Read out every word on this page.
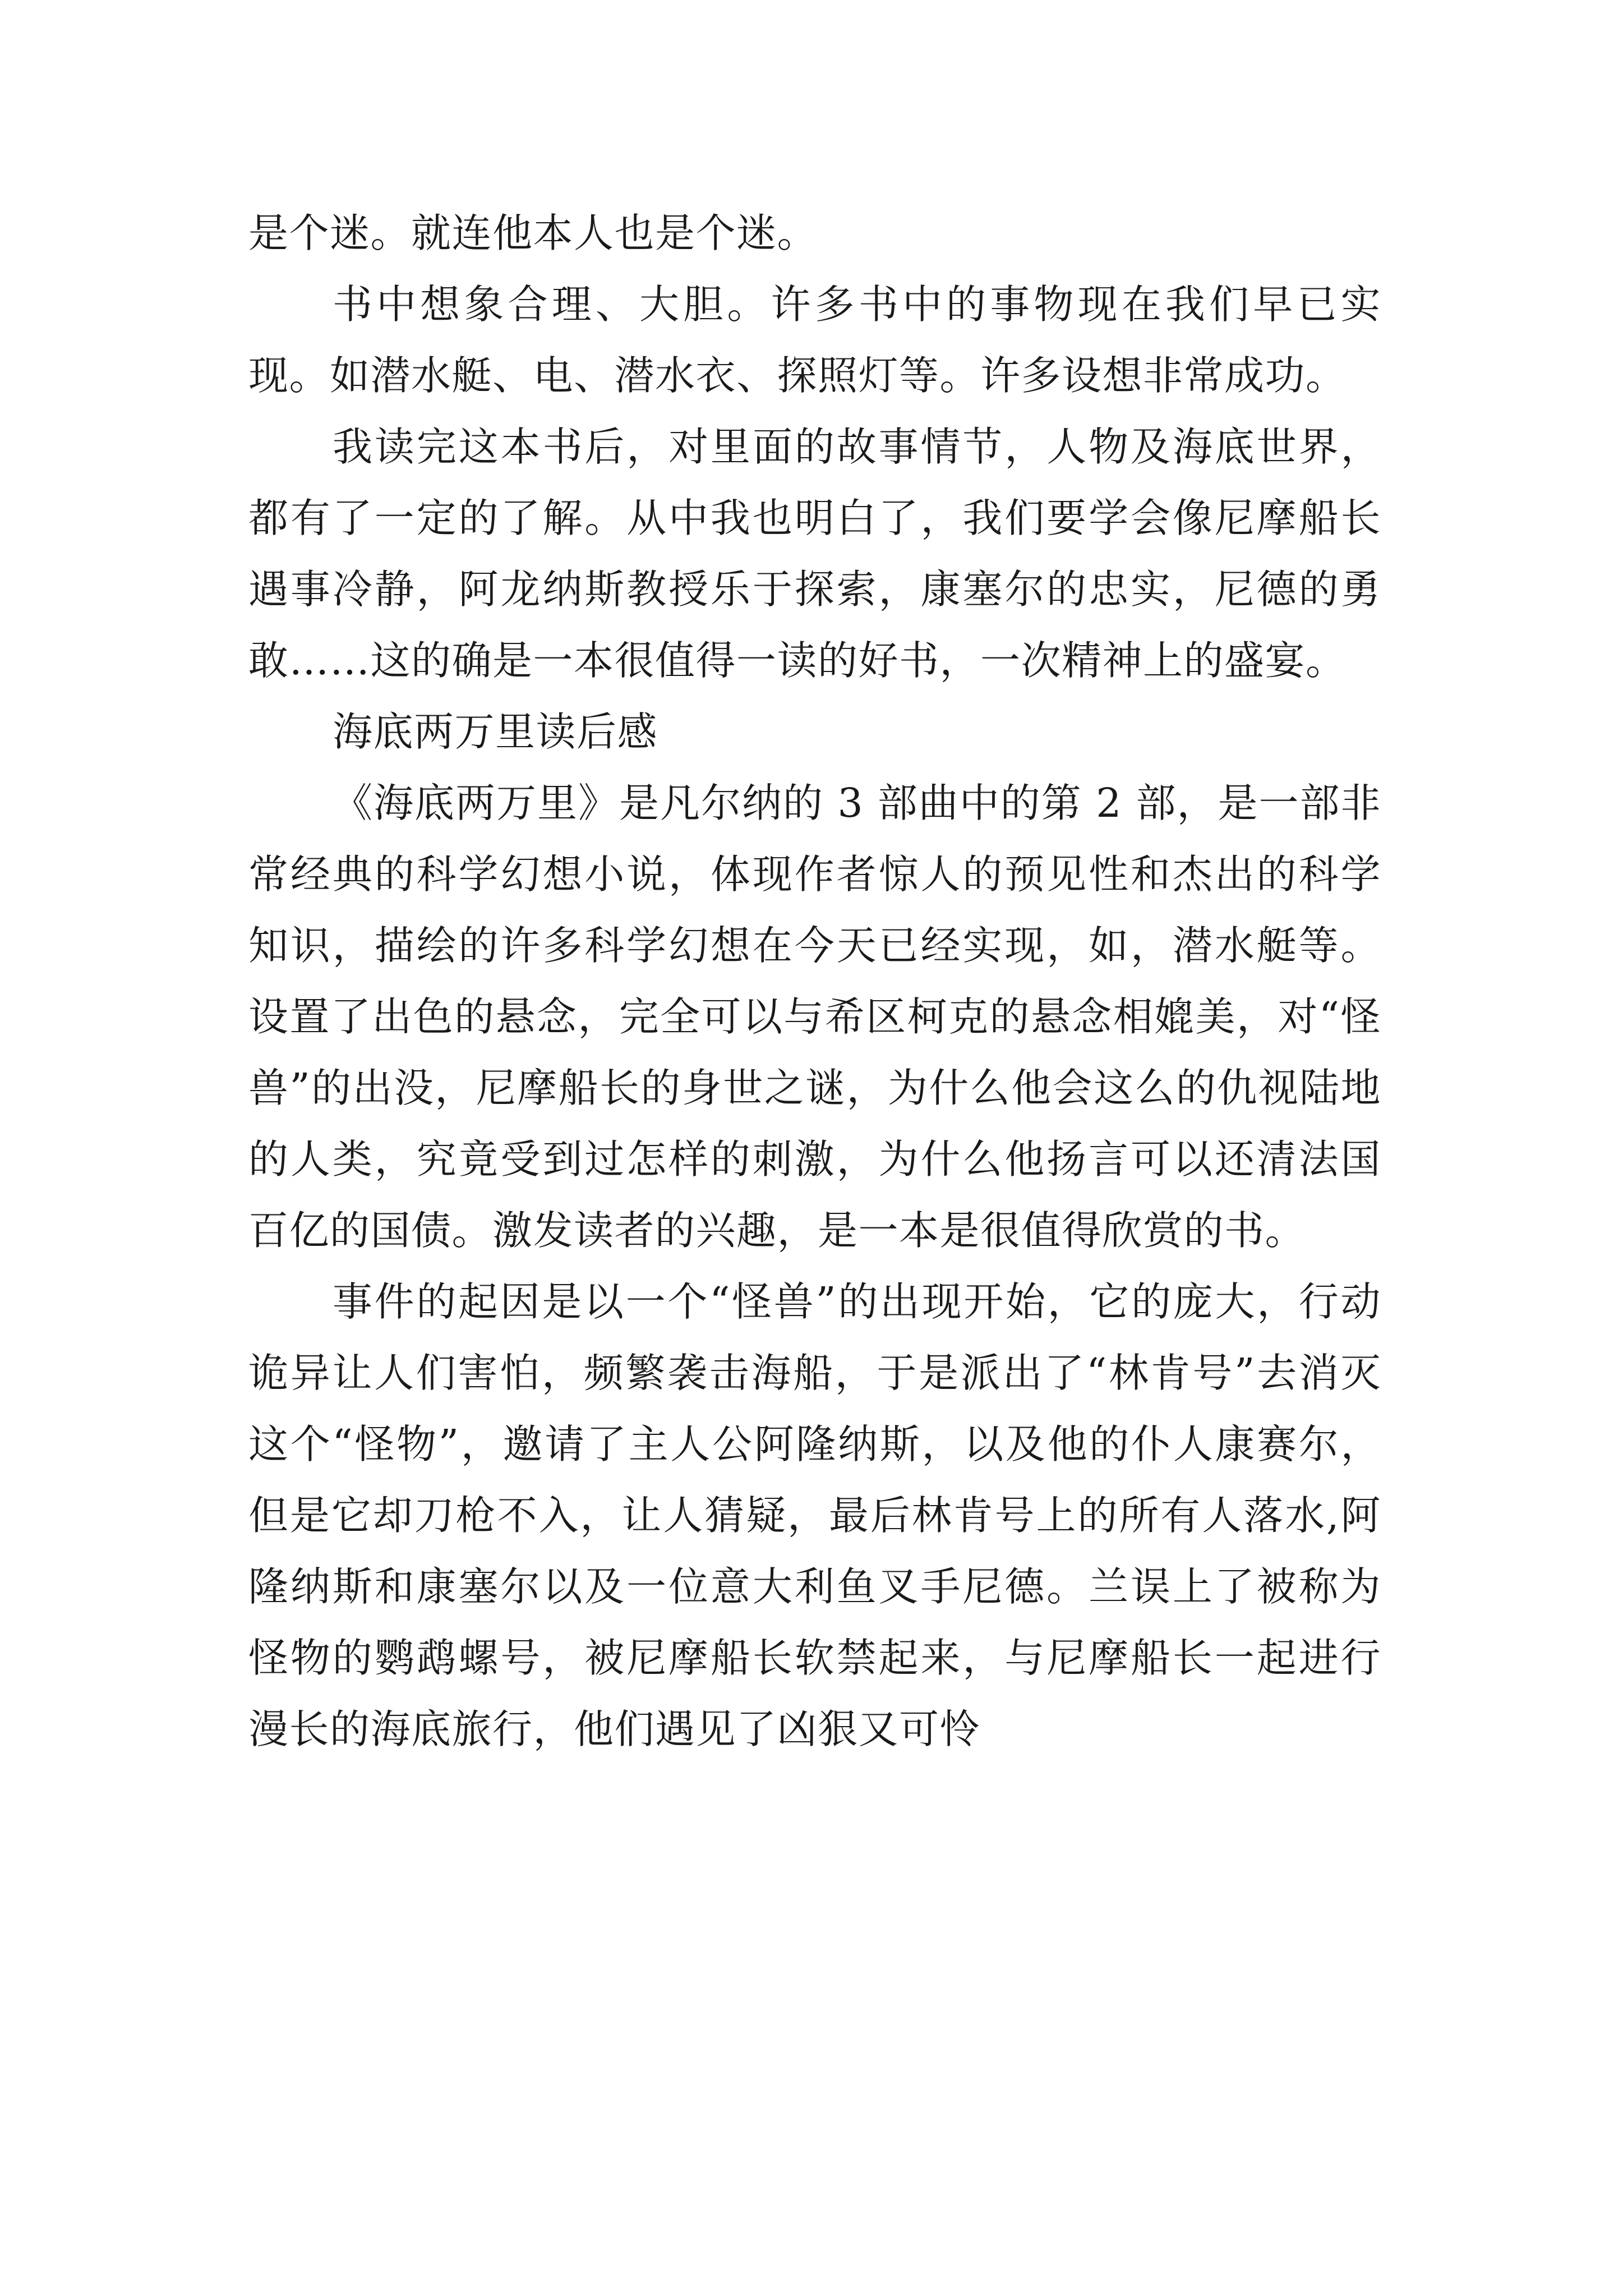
是个迷。就连他本人也是个迷。

书中想象合理、大胆。许多书中的事物现在我们早已实现。如潜水艇、电、潜水衣、探照灯等。许多设想非常成功。

我读完这本书后，对里面的故事情节，人物及海底世界，都有了一定的了解。从中我也明白了，我们要学会像尼摩船长遇事冷静，阿龙纳斯教授乐于探索，康塞尔的忠实，尼德的勇敢……这的确是一本很值得一读的好书，一次精神上的盛宴。

海底两万里读后感

《海底两万里》是凡尔纳的 3 部曲中的第 2 部，是一部非常经典的科学幻想小说，体现作者惊人的预见性和杰出的科学知识，描绘的许多科学幻想在今天已经实现，如，潜水艇等。设置了出色的悬念，完全可以与希区柯克的悬念相媲美，对“怪兽”的出没，尼摩船长的身世之谜，为什么他会这么的仇视陆地的人类，究竟受到过怎样的刺激，为什么他扬言可以还清法国百亿的国债。激发读者的兴趣，是一本是很值得欣赏的书。

事件的起因是以一个“怪兽”的出现开始，它的庞大，行动诡异让人们害怕，频繁袭击海船，于是派出了“林肯号”去消灭这个“怪物”，邀请了主人公阿隆纳斯，以及他的仆人康赛尔，但是它却刀枪不入，让人猜疑，最后林肯号上的所有人落水,阿隆纳斯和康塞尔以及一位意大利鱼叉手尼德。兰误上了被称为怪物的鹦鹉螺号，被尼摩船长软禁起来，与尼摩船长一起进行漫长的海底旅行，他们遇见了凶狠又可怜
